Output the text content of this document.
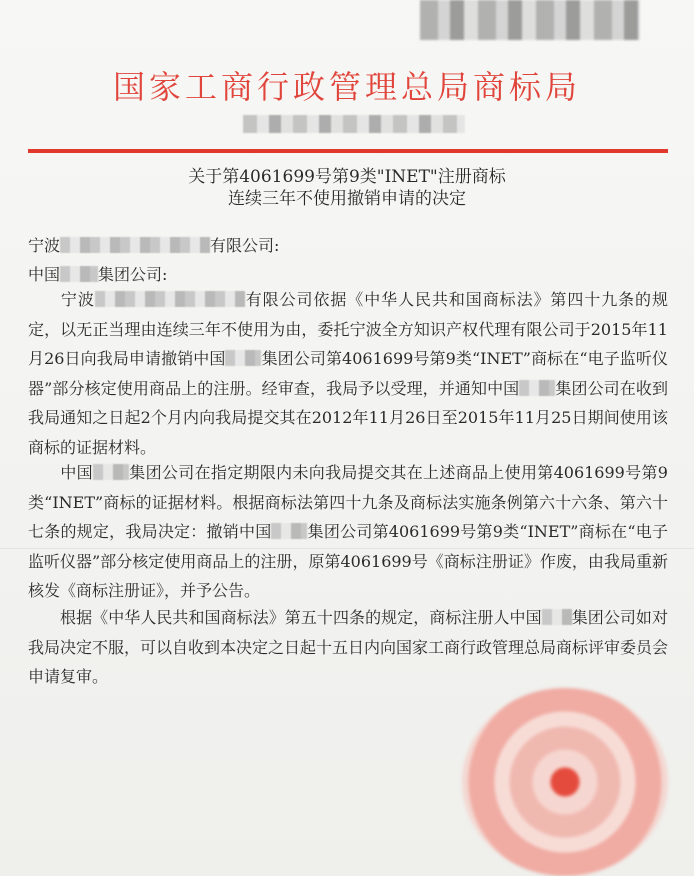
国家工商行政管理总局商标局
关于第4061699号第9类"INET"注册商标
连续三年不使用撤销申请的决定
宁波	有限公司:
中国 集团公司:
宁波	有限公司依据《中华人民共和国商标法》第四十九条的规定，以无正当理由连续三年不使用为由，委托宁波全方知识产权代理有限公司于2015年11月26日向我局申请撤销中国 集团公司第4061699号第9类“INET”商标在“电子监听仪器”部分核定使用商品上的注册。经审查，我局予以受理，并通知中国 集团公司在收到我局通知之日起2个月内向我局提交其在2012年11月26日至2015年11月25日期间使用该商标的证据材料。
中国 集团公司在指定期限内未向我局提交其在上述商品上使用第4061699号第9类“INET”商标的证据材料。根据商标法第四十九条及商标法实施条例第六十六条、第六十七条的规定，我局决定：撤销中国 集团公司第4061699号第9类“INET”商标在“电子监听仪器”部分核定使用商品上的注册，原第4061699号《商标注册证》作废，由我局重新核发《商标注册证》，并予公告。
根据《中华人民共和国商标法》第五十四条的规定，商标注册人中国 集团公司如对我局决定不服，可以自收到本决定之日起十五日内向国家工商行政管理总局商标评审委员会申请复审。
